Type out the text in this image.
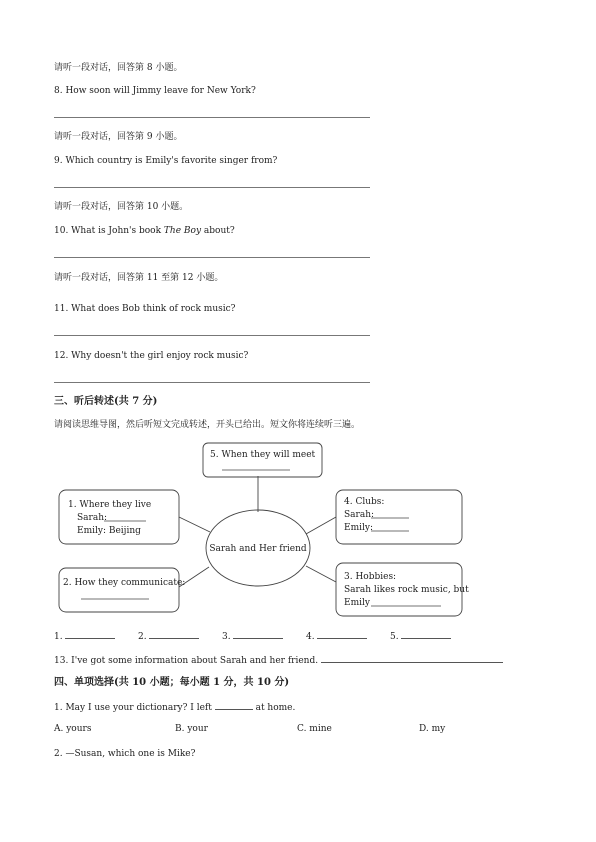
请听一段对话，回答第 8 小题。
8. How soon will Jimmy leave for New York?
请听一段对话，回答第 9 小题。
9. Which country is Emily's favorite singer from?
请听一段对话，回答第 10 小题。
10. What is John's book The Boy about?
请听一段对话，回答第 11 至第 12 小题。
11. What does Bob think of rock music?
12. Why doesn't the girl enjoy rock music?
三、听后转述(共 7 分)
请阅读思维导图，然后听短文完成转述，开头已给出。短文你将连续听三遍。
Sarah and Her friend
5. When they will meet
1. Where they live
Sarah:
Emily: Beijing
4. Clubs:
Sarah:
Emily:
2. How they communicate:
3. Hobbies:
Sarah likes rock music, but
Emily
1.	2.	3.	4.	5.
13. I've got some information about Sarah and her friend.
四、单项选择(共 10 小题；每小题 1 分，共 10 分)
1. May I use your dictionary? I left	at home.
A. yours	B. your	C. mine	D. my
2. —Susan, which one is Mike?
